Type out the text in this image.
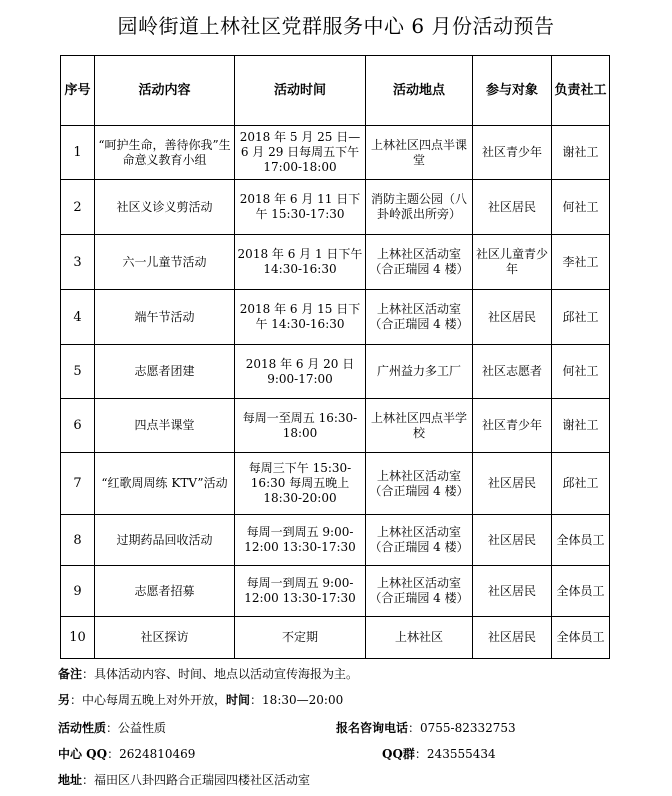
园岭街道上林社区党群服务中心 6 月份活动预告
序号	活动内容	活动时间	活动地点	参与对象	负责社工
1	“呵护生命，善待你我”生命意义教育小组	2018 年 5 月 25 日—6 月 29 日每周五下午 17:00-18:00	上林社区四点半课堂	社区青少年	谢社工
2	社区义诊义剪活动	2018 年 6 月 11 日下午 15:30-17:30	消防主题公园（八卦岭派出所旁）	社区居民	何社工
3	六一儿童节活动	2018 年 6 月 1 日下午 14:30-16:30	上林社区活动室（合正瑞园 4 楼）	社区儿童青少年	李社工
4	端午节活动	2018 年 6 月 15 日下午 14:30-16:30	上林社区活动室（合正瑞园 4 楼）	社区居民	邱社工
5	志愿者团建	2018 年 6 月 20 日 9:00-17:00	广州益力多工厂	社区志愿者	何社工
6	四点半课堂	每周一至周五 16:30-18:00	上林社区四点半学校	社区青少年	谢社工
7	“红歌周周练 KTV”活动	每周三下午 15:30-16:30 每周五晚上 18:30-20:00	上林社区活动室（合正瑞园 4 楼）	社区居民	邱社工
8	过期药品回收活动	每周一到周五 9:00-12:00 13:30-17:30	上林社区活动室（合正瑞园 4 楼）	社区居民	全体员工
9	志愿者招募	每周一到周五 9:00-12:00 13:30-17:30	上林社区活动室（合正瑞园 4 楼）	社区居民	全体员工
10	社区探访	不定期	上林社区	社区居民	全体员工
备注：具体活动内容、时间、地点以活动宣传海报为主。
另：中心每周五晚上对外开放，时间：18:30—20:00
活动性质：公益性质	报名咨询电话：0755-82332753
中心 QQ：2624810469	QQ群：243555434
地址：福田区八卦四路合正瑞园四楼社区活动室
